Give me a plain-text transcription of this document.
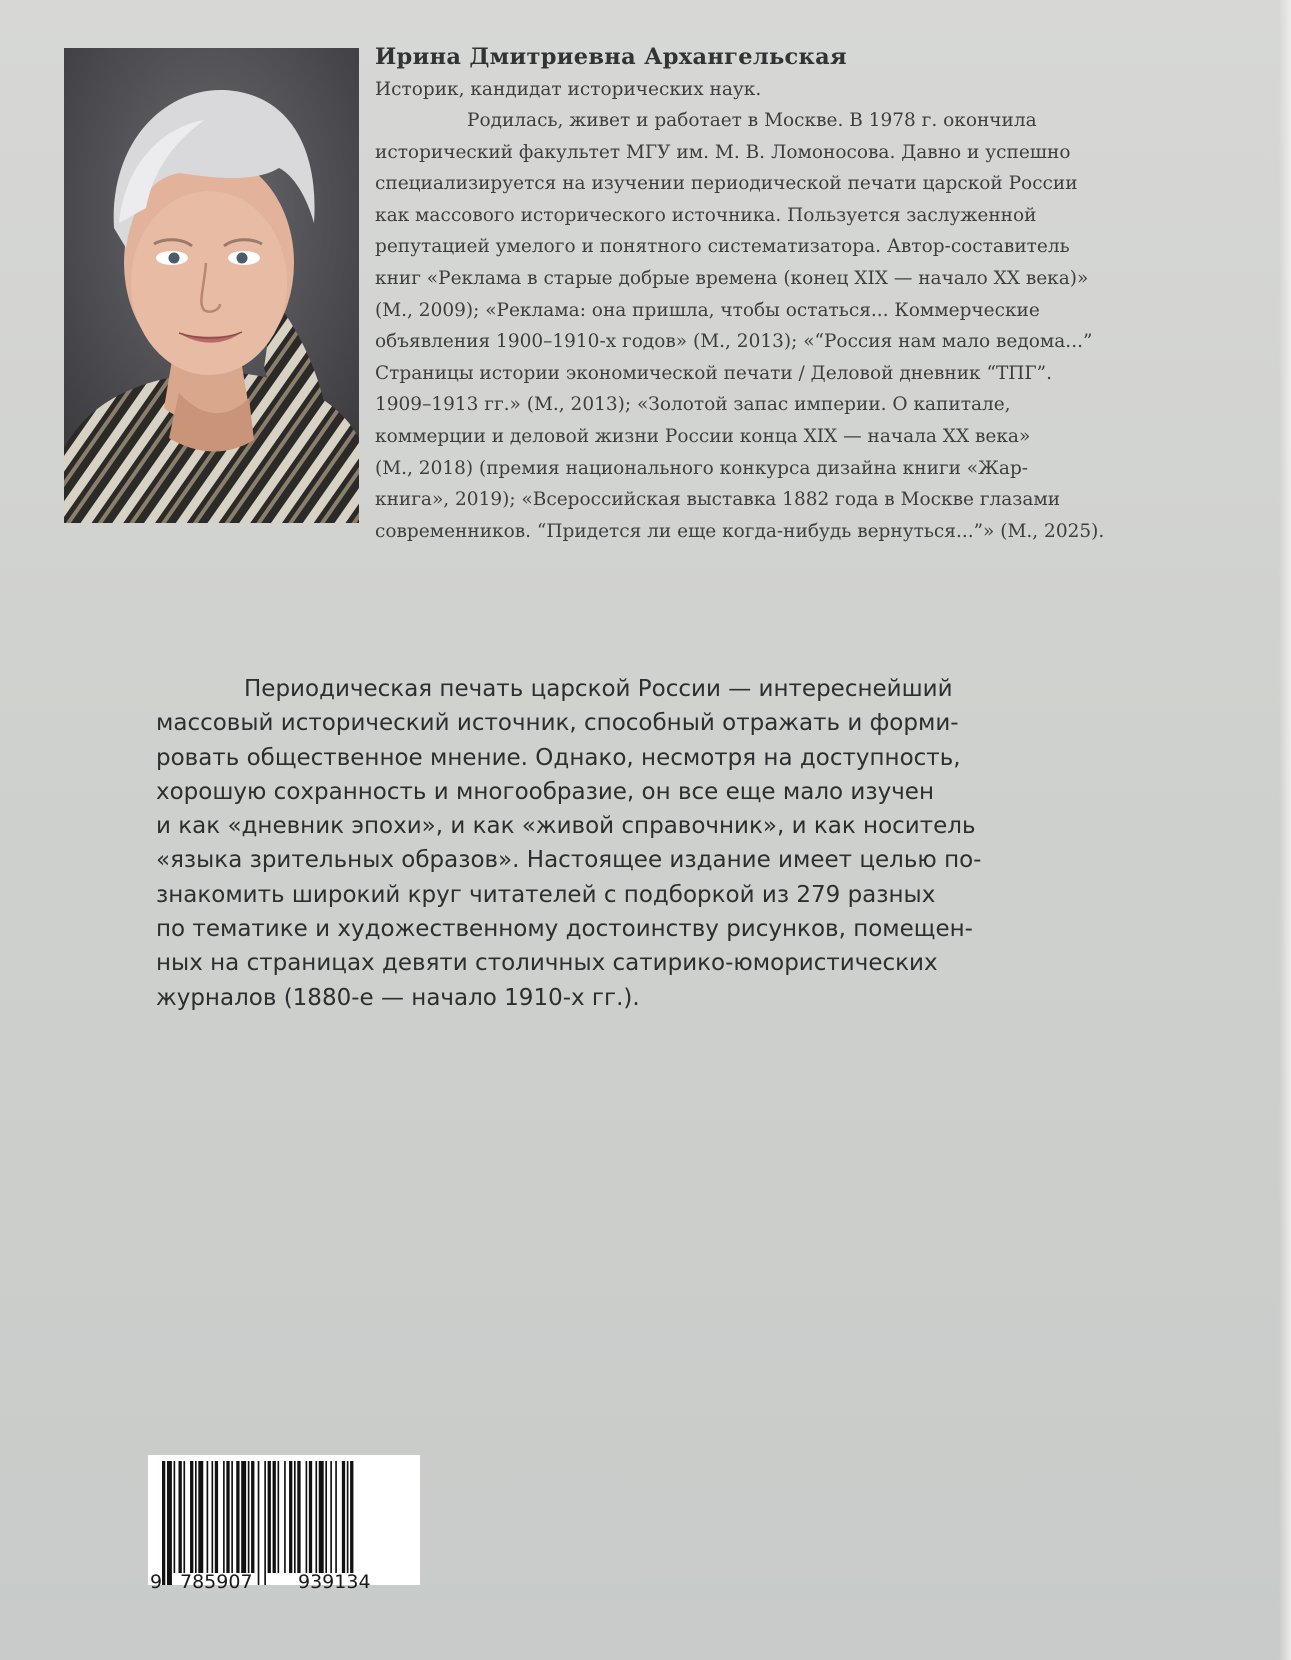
Ирина Дмитриевна Архангельская

Историк, кандидат исторических наук.

Родилась, живет и работает в Москве. В 1978 г. окончила
исторический факультет МГУ им. М. В. Ломоносова. Давно и успешно
специализируется на изучении периодической печати царской России
как массового исторического источника. Пользуется заслуженной
репутацией умелого и понятного систематизатора. Автор-составитель
книг «Реклама в старые добрые времена (конец XIX — начало XX века)»
(М., 2009); «Реклама: она пришла, чтобы остаться... Коммерческие
объявления 1900–1910-х годов» (М., 2013); «“Россия нам мало ведома...”
Страницы истории экономической печати / Деловой дневник “ТПГ”.
1909–1913 гг.» (М., 2013); «Золотой запас империи. О капитале,
коммерции и деловой жизни России конца XIX — начала XX века»
(М., 2018) (премия национального конкурса дизайна книги «Жар-
книга», 2019); «Всероссийская выставка 1882 года в Москве глазами
современников. “Придется ли еще когда-нибудь вернуться...”» (М., 2025).

Периодическая печать царской России — интереснейший
массовый исторический источник, способный отражать и форми-
ровать общественное мнение. Однако, несмотря на доступность,
хорошую сохранность и многообразие, он все еще мало изучен
и как «дневник эпохи», и как «живой справочник», и как носитель
«языка зрительных образов». Настоящее издание имеет целью по-
знакомить широкий круг читателей с подборкой из 279 разных
по тематике и художественному достоинству рисунков, помещен-
ных на страницах девяти столичных сатирико-юмористических
журналов (1880-е — начало 1910-х гг.).

9 785907 939134
